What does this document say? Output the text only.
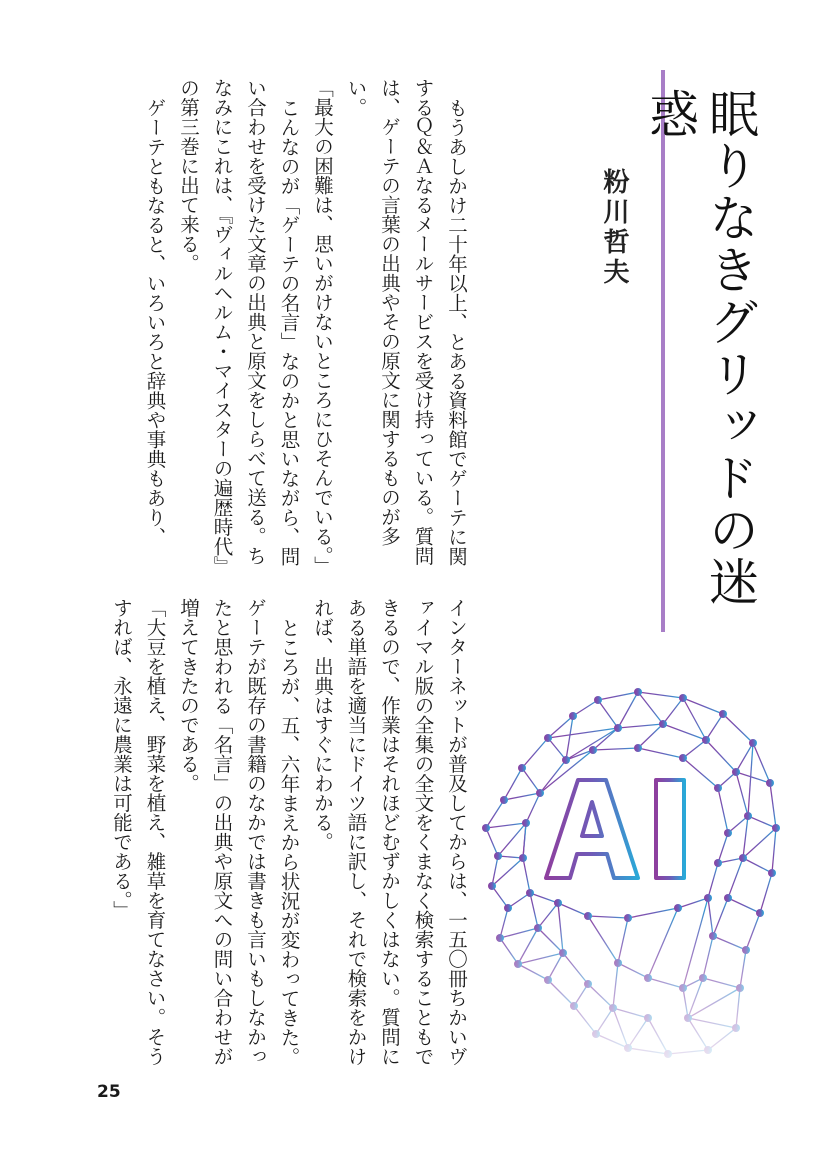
眠りなきグリッドの迷惑
粉川哲夫

もうあしかけ二十年以上、とある資料館でゲーテに関するＱ＆Ａなるメールサービスを受け持っている。質問は、ゲーテの言葉の出典やその原文に関するものが多い。

「最大の困難は、思いがけないところにひそんでいる。」

こんなのが「ゲーテの名言」なのかと思いながら、問い合わせを受けた文章の出典と原文をしらべて送る。ちなみにこれは、『ヴィルヘルム・マイスターの遍歴時代』の第三巻に出て来る。

ゲーテともなると、いろいろと辞典や事典もあり、

インターネットが普及してからは、一五〇冊ちかいヴァイマル版の全集の全文をくまなく検索することもできるので、作業はそれほどむずかしくはない。質問にある単語を適当にドイツ語に訳し、それで検索をかければ、出典はすぐにわかる。

ところが、五、六年まえから状況が変わってきた。ゲーテが既存の書籍のなかでは書きも言いもしなかったと思われる「名言」の出典や原文への問い合わせが増えてきたのである。

「大豆を植え、野菜を植え、雑草を育てなさい。そうすれば、永遠に農業は可能である。」

25
